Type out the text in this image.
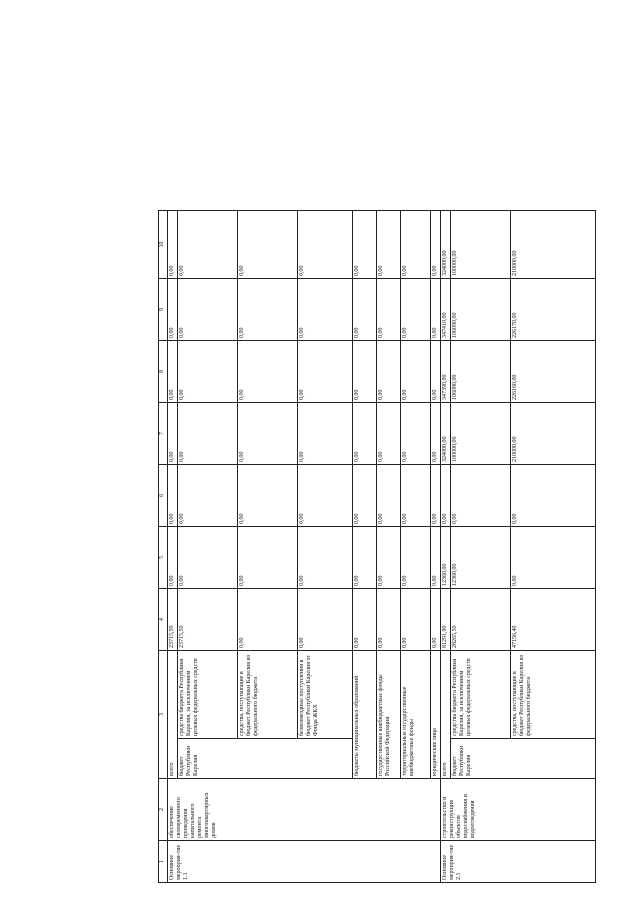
1	2	3		4	5	6	7	8	9	10
Основное мероприя-тие 1.1	обеспечение своевременного проведения капитального ремонта многоквартирных домов	всего		23715,50	0,00	0,00	0,00	0,00	0,00	0,00
		бюджет Республики Карелия	средства бюджета Республики Карелия, за исключением целевых федеральных средств	23715,50	0,00	0,00	0,00	0,00	0,00	0,00
			средства, поступающие в бюджет Республики Карелия из федерального бюджета	0,00	0,00	0,00	0,00	0,00	0,00	0,00
			безвозмездные поступления в бюджет Республики Карелия от Фонда ЖКХ	0,00	0,00	0,00	0,00	0,00	0,00	0,00
		бюджеты муниципальных образований		0,00	0,00	0,00	0,00	0,00	0,00	0,00
		государственные внебюджетные фонды Российской Федерации		0,00	0,00	0,00	0,00	0,00	0,00	0,00
		территориальные государственные внебюджетные фонды		0,00	0,00	0,00	0,00	0,00	0,00	0,00
		юридические лица		0,00	0,00	0,00	0,00	0,00	0,00	0,00
Основное мероприя-тие 2.1	строительство и реконструкция объектов водоснабжения и водоотведения	всего		81291,90	12360,00	0,00	324000,00	347390,00	347410,00	324000,00
		бюджет Республики Карелия	средства бюджета Республики Карелия, за исключением целевых федеральных средств	28265,50	12360,00	0,00	100000,00	106080,00	106090,00	100000,00
			средства, поступающие в бюджет Республики Карелия из федерального бюджета	47156,40	0,00	0,00	210000,00	226160,00	226170,00	210000,00
